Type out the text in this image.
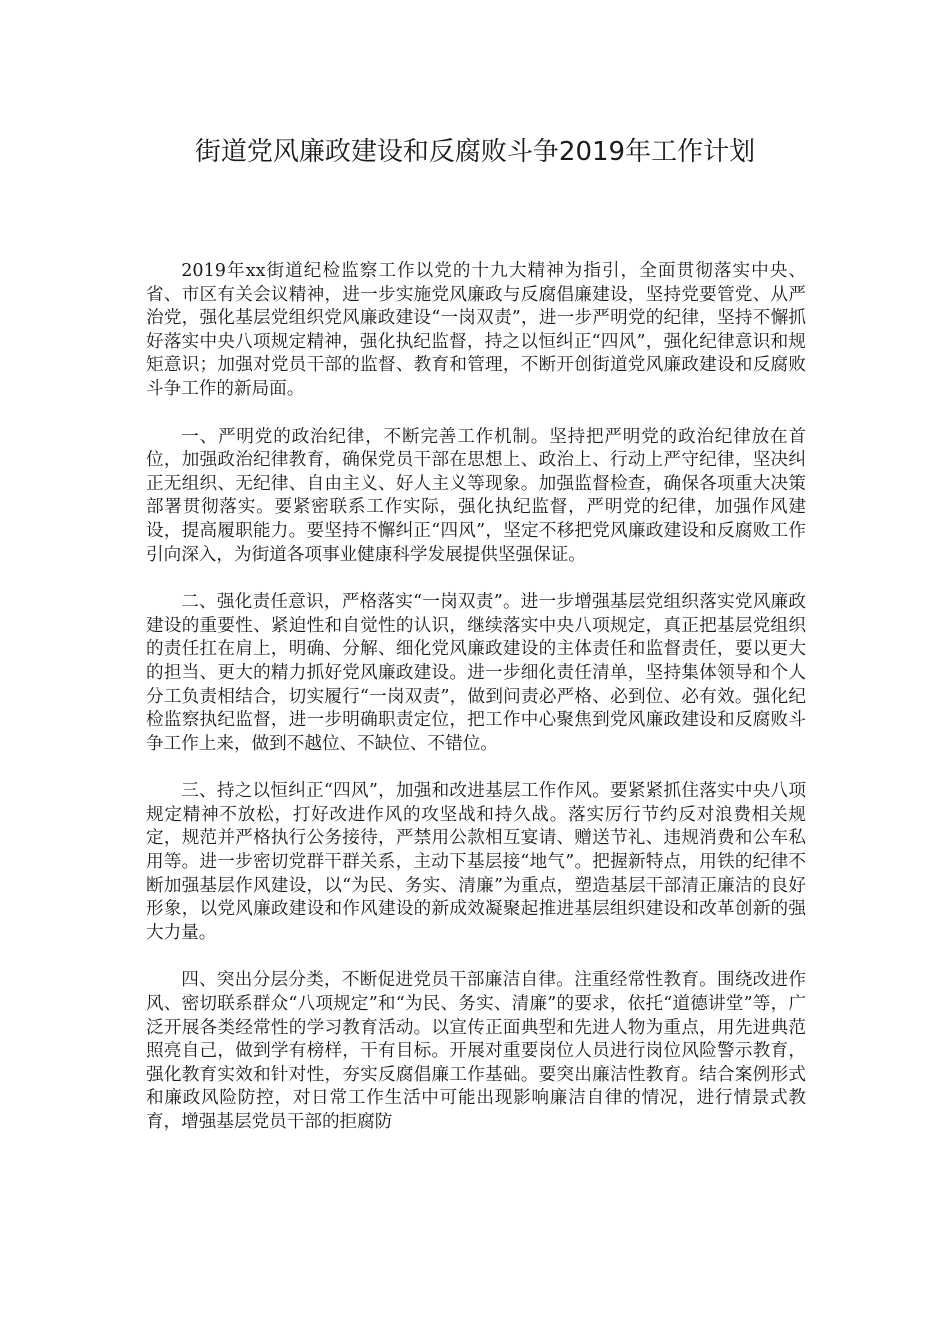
街道党风廉政建设和反腐败斗争2019年工作计划

2019年xx街道纪检监察工作以党的十九大精神为指引，全面贯彻落实中央、省、市区有关会议精神，进一步实施党风廉政与反腐倡廉建设，坚持党要管党、从严治党，强化基层党组织党风廉政建设“一岗双责”，进一步严明党的纪律，坚持不懈抓好落实中央八项规定精神，强化执纪监督，持之以恒纠正“四风”，强化纪律意识和规矩意识；加强对党员干部的监督、教育和管理，不断开创街道党风廉政建设和反腐败斗争工作的新局面。

一、严明党的政治纪律，不断完善工作机制。坚持把严明党的政治纪律放在首位，加强政治纪律教育，确保党员干部在思想上、政治上、行动上严守纪律，坚决纠正无组织、无纪律、自由主义、好人主义等现象。加强监督检查，确保各项重大决策部署贯彻落实。要紧密联系工作实际，强化执纪监督，严明党的纪律，加强作风建设，提高履职能力。要坚持不懈纠正“四风”，坚定不移把党风廉政建设和反腐败工作引向深入，为街道各项事业健康科学发展提供坚强保证。

二、强化责任意识，严格落实“一岗双责”。进一步增强基层党组织落实党风廉政建设的重要性、紧迫性和自觉性的认识，继续落实中央八项规定，真正把基层党组织的责任扛在肩上，明确、分解、细化党风廉政建设的主体责任和监督责任，要以更大的担当、更大的精力抓好党风廉政建设。进一步细化责任清单，坚持集体领导和个人分工负责相结合，切实履行“一岗双责”，做到问责必严格、必到位、必有效。强化纪检监察执纪监督，进一步明确职责定位，把工作中心聚焦到党风廉政建设和反腐败斗争工作上来，做到不越位、不缺位、不错位。

三、持之以恒纠正“四风”，加强和改进基层工作作风。要紧紧抓住落实中央八项规定精神不放松，打好改进作风的攻坚战和持久战。落实厉行节约反对浪费相关规定，规范并严格执行公务接待，严禁用公款相互宴请、赠送节礼、违规消费和公车私用等。进一步密切党群干群关系，主动下基层接“地气”。把握新特点，用铁的纪律不断加强基层作风建设，以“为民、务实、清廉”为重点，塑造基层干部清正廉洁的良好形象，以党风廉政建设和作风建设的新成效凝聚起推进基层组织建设和改革创新的强大力量。

四、突出分层分类，不断促进党员干部廉洁自律。注重经常性教育。围绕改进作风、密切联系群众“八项规定”和“为民、务实、清廉”的要求，依托“道德讲堂”等，广泛开展各类经常性的学习教育活动。以宣传正面典型和先进人物为重点，用先进典范照亮自己，做到学有榜样，干有目标。开展对重要岗位人员进行岗位风险警示教育，强化教育实效和针对性，夯实反腐倡廉工作基础。要突出廉洁性教育。结合案例形式和廉政风险防控，对日常工作生活中可能出现影响廉洁自律的情况，进行情景式教育，增强基层党员干部的拒腐防
